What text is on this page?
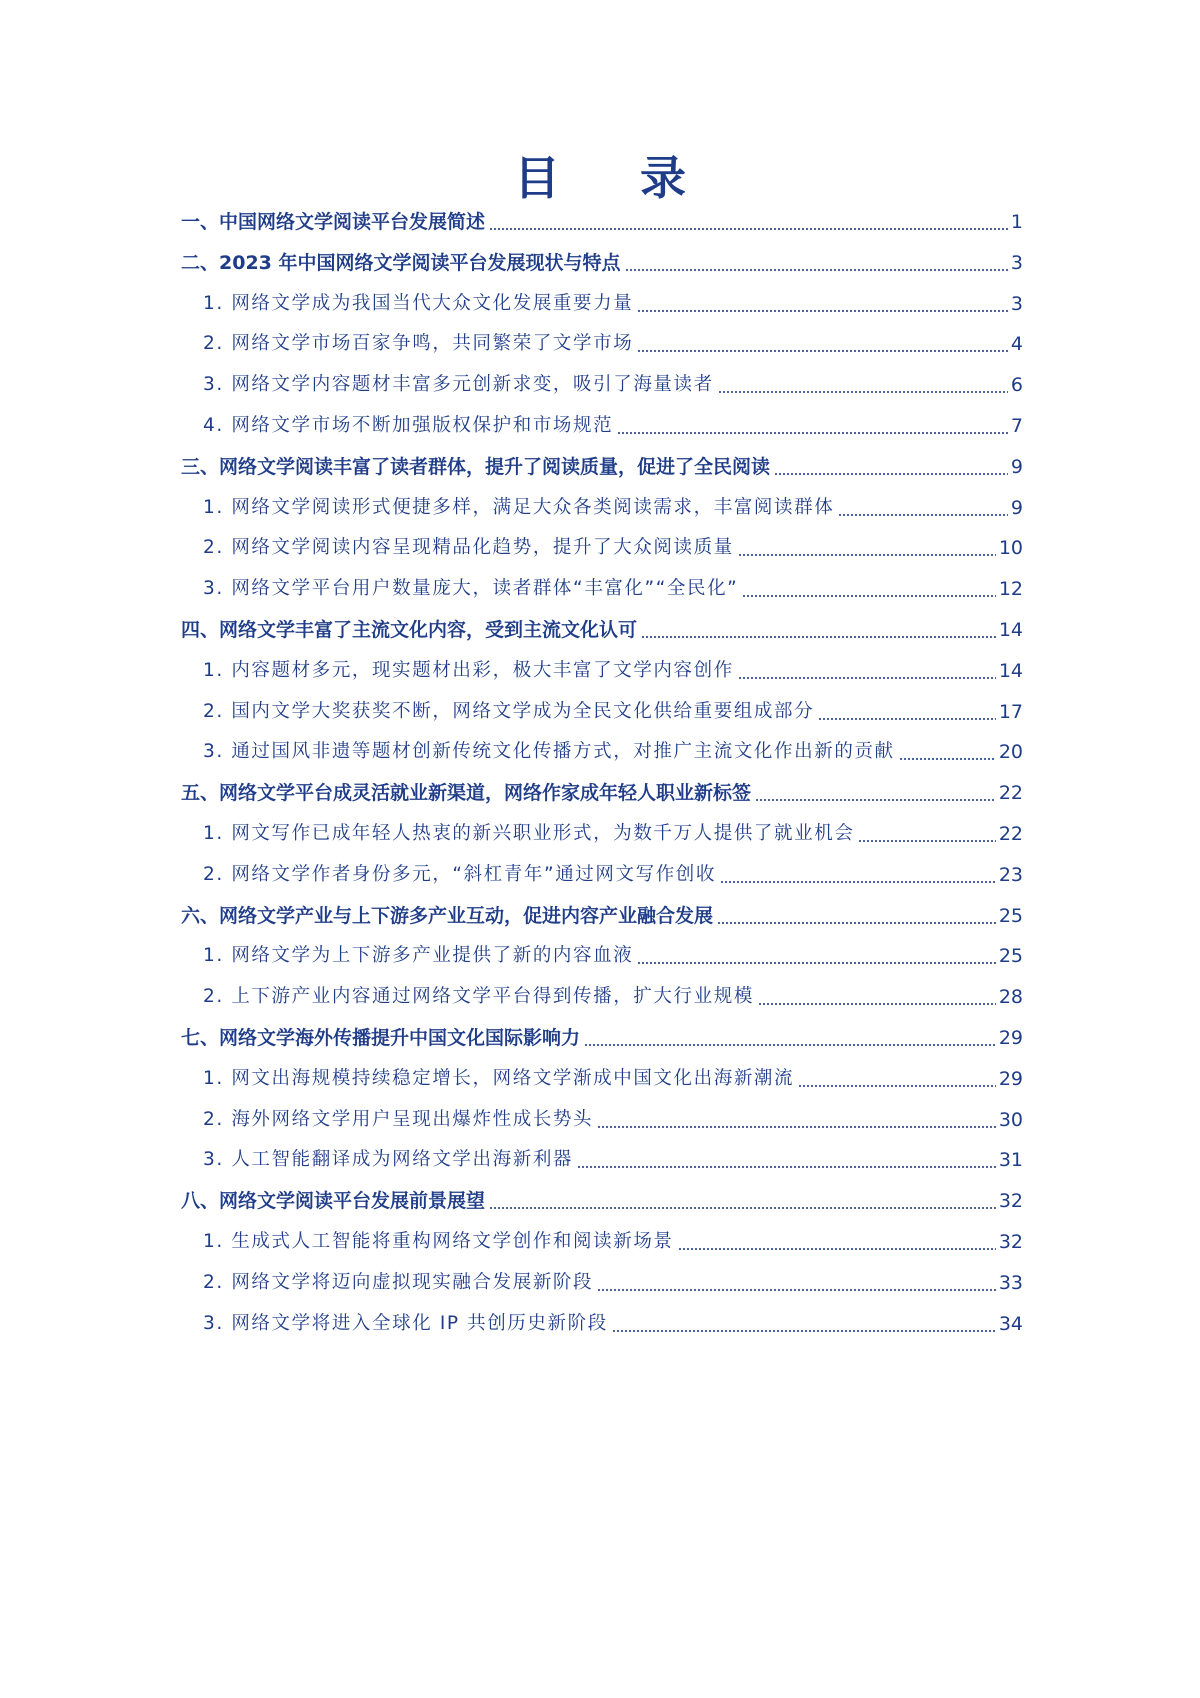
目 录
一、中国网络文学阅读平台发展简述	1
二、2023 年中国网络文学阅读平台发展现状与特点	3
1. 网络文学成为我国当代大众文化发展重要力量	3
2. 网络文学市场百家争鸣，共同繁荣了文学市场	4
3. 网络文学内容题材丰富多元创新求变，吸引了海量读者	6
4. 网络文学市场不断加强版权保护和市场规范	7
三、网络文学阅读丰富了读者群体，提升了阅读质量，促进了全民阅读	9
1. 网络文学阅读形式便捷多样，满足大众各类阅读需求，丰富阅读群体	9
2. 网络文学阅读内容呈现精品化趋势，提升了大众阅读质量	10
3. 网络文学平台用户数量庞大，读者群体“丰富化”“全民化”	12
四、网络文学丰富了主流文化内容，受到主流文化认可	14
1. 内容题材多元，现实题材出彩，极大丰富了文学内容创作	14
2. 国内文学大奖获奖不断，网络文学成为全民文化供给重要组成部分	17
3. 通过国风非遗等题材创新传统文化传播方式，对推广主流文化作出新的贡献	20
五、网络文学平台成灵活就业新渠道，网络作家成年轻人职业新标签	22
1. 网文写作已成年轻人热衷的新兴职业形式，为数千万人提供了就业机会	22
2. 网络文学作者身份多元，“斜杠青年”通过网文写作创收	23
六、网络文学产业与上下游多产业互动，促进内容产业融合发展	25
1. 网络文学为上下游多产业提供了新的内容血液	25
2. 上下游产业内容通过网络文学平台得到传播，扩大行业规模	28
七、网络文学海外传播提升中国文化国际影响力	29
1. 网文出海规模持续稳定增长，网络文学渐成中国文化出海新潮流	29
2. 海外网络文学用户呈现出爆炸性成长势头	30
3. 人工智能翻译成为网络文学出海新利器	31
八、网络文学阅读平台发展前景展望	32
1. 生成式人工智能将重构网络文学创作和阅读新场景	32
2. 网络文学将迈向虚拟现实融合发展新阶段	33
3. 网络文学将进入全球化 IP 共创历史新阶段	34
